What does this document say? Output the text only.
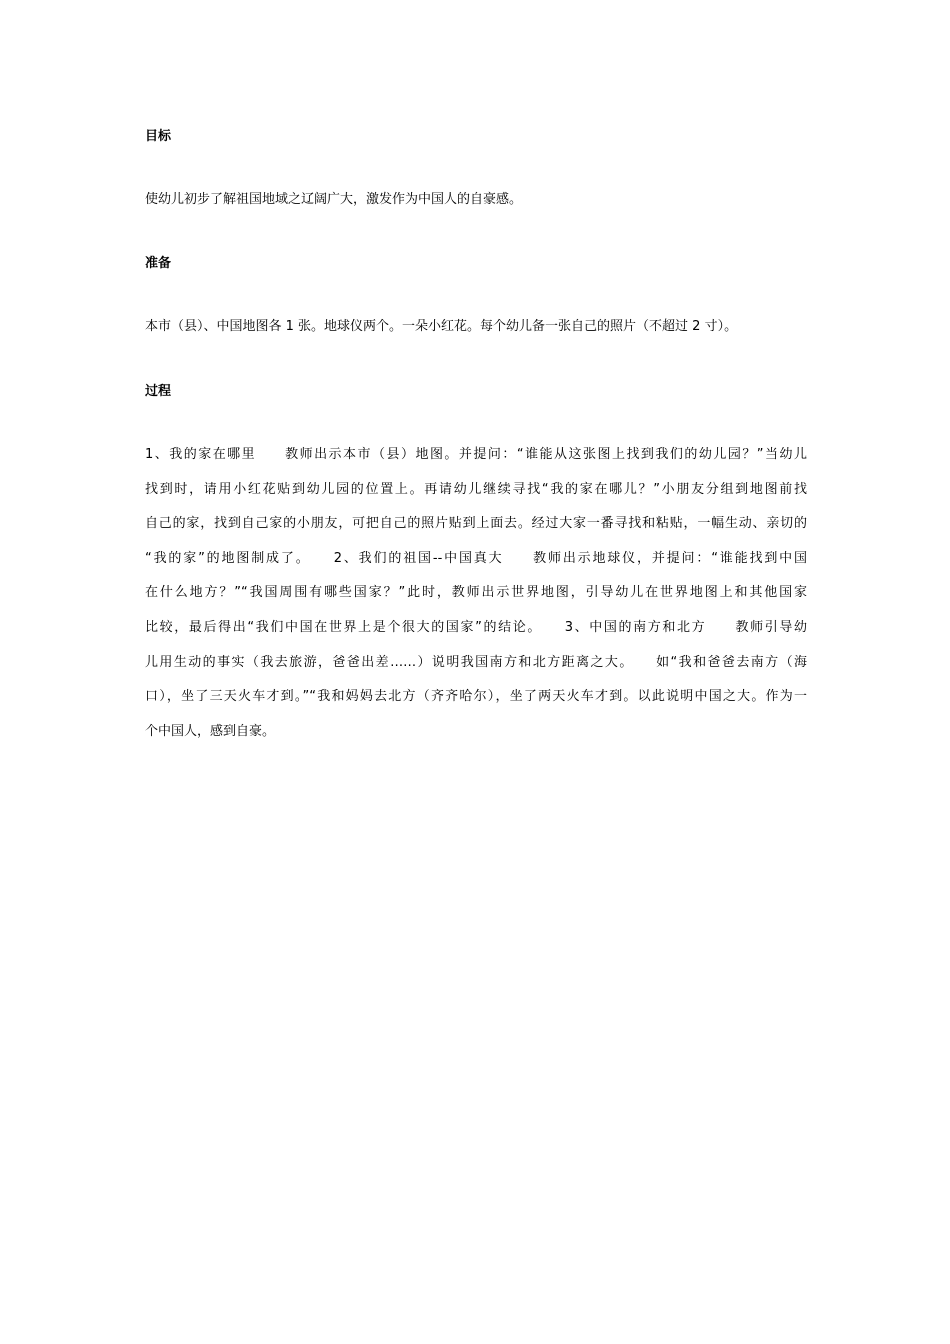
目标
使幼儿初步了解祖国地域之辽阔广大，激发作为中国人的自豪感。
准备
本市（县）、中国地图各 1 张。地球仪两个。一朵小红花。每个幼儿备一张自己的照片（不超过 2 寸）。
过程
1、我的家在哪里　　教师出示本市（县）地图。并提问：“谁能从这张图上找到我们的幼儿园？”当幼儿
找到时，请用小红花贴到幼儿园的位置上。再请幼儿继续寻找“我的家在哪儿？”小朋友分组到地图前找
自己的家，找到自己家的小朋友，可把自己的照片贴到上面去。经过大家一番寻找和粘贴，一幅生动、亲切的
“我的家”的地图制成了。　　2、我们的祖国--中国真大　　教师出示地球仪，并提问：“谁能找到中国
在什么地方？”“我国周围有哪些国家？”此时，教师出示世界地图，引导幼儿在世界地图上和其他国家
比较，最后得出“我们中国在世界上是个很大的国家”的结论。　　3、中国的南方和北方　　教师引导幼
儿用生动的事实（我去旅游，爸爸出差……）说明我国南方和北方距离之大。　　如“我和爸爸去南方（海
口），坐了三天火车才到。”“我和妈妈去北方（齐齐哈尔），坐了两天火车才到。以此说明中国之大。作为一
个中国人，感到自豪。
